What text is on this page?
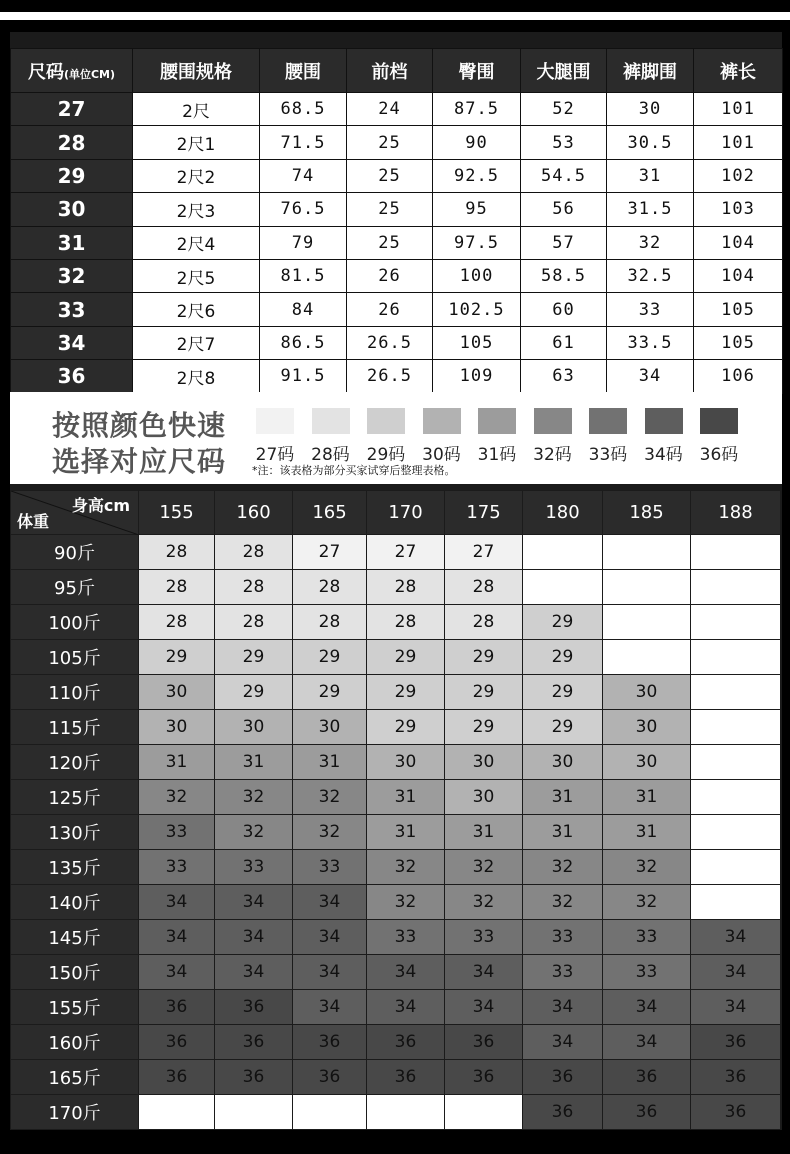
尺码(单位CM)	腰围规格	腰围	前档	臀围	大腿围	裤脚围	裤长
27	2尺	68.5	24	87.5	52	30	101
28	2尺1	71.5	25	90	53	30.5	101
29	2尺2	74	25	92.5	54.5	31	102
30	2尺3	76.5	25	95	56	31.5	103
31	2尺4	79	25	97.5	57	32	104
32	2尺5	81.5	26	100	58.5	32.5	104
33	2尺6	84	26	102.5	60	33	105
34	2尺7	86.5	26.5	105	61	33.5	105
36	2尺8	91.5	26.5	109	63	34	106
按照颜色快速
选择对应尺码	27码 28码 29码 30码 31码 32码 33码 34码 36码
*注：该表格为部分买家试穿后整理表格。
身高cm
体重	155	160	165	170	175	180	185	188
90斤	28	28	27	27	27			
95斤	28	28	28	28	28			
100斤	28	28	28	28	28	29		
105斤	29	29	29	29	29	29		
110斤	30	29	29	29	29	29	30	
115斤	30	30	30	29	29	29	30	
120斤	31	31	31	30	30	30	30	
125斤	32	32	32	31	30	31	31	
130斤	33	32	32	31	31	31	31	
135斤	33	33	33	32	32	32	32	
140斤	34	34	34	32	32	32	32	
145斤	34	34	34	33	33	33	33	34
150斤	34	34	34	34	34	33	33	34
155斤	36	36	34	34	34	34	34	34
160斤	36	36	36	36	36	34	34	36
165斤	36	36	36	36	36	36	36	36
170斤						36	36	36
